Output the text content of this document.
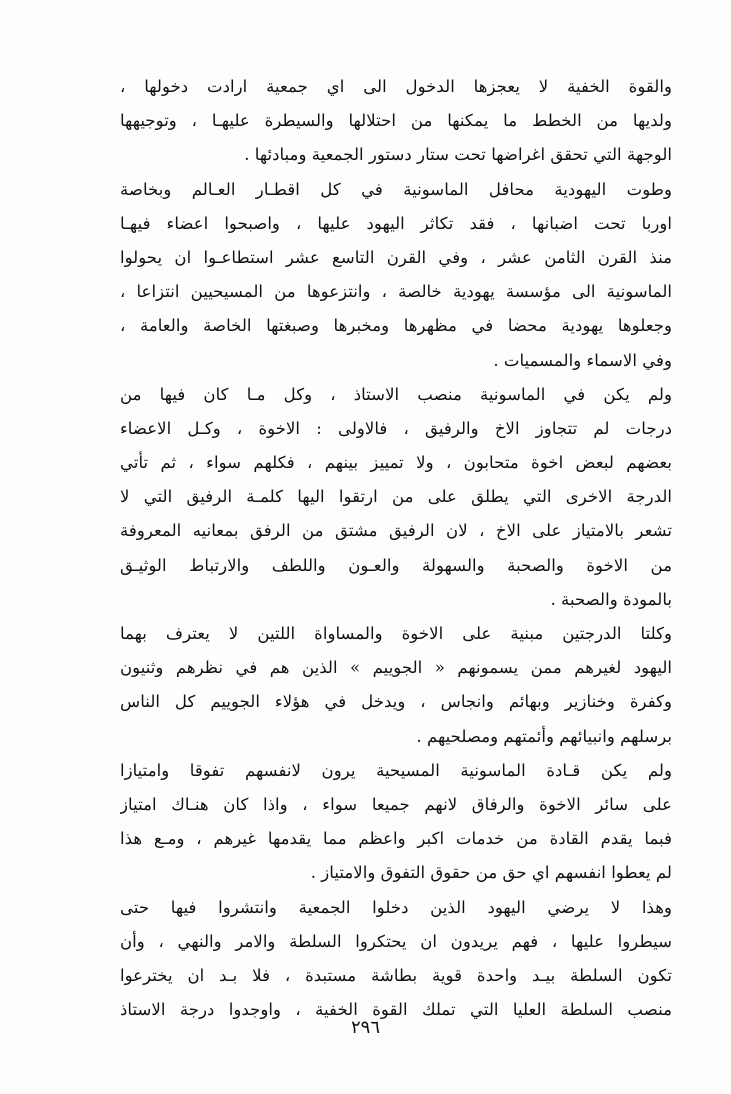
والقوة الخفية لا يعجزها الدخول الى اي جمعية ارادت دخولها ،
ولديها من الخطط ما يمكنها من احتلالها والسيطرة عليهـا ، وتوجيهها
الوجهة التي تحقق اغراضها تحت ستار دستور الجمعية ومبادئها .
وطوت اليهودية محافل الماسونية في كل اقطـار العـالم وبخاصة
اوربا تحت اضبانها ، فقد تكاثر اليهود عليها ، واصبحوا اعضاء فيهـا
منذ القرن الثامن عشر ، وفي القرن التاسع عشر استطاعـوا ان يحولوا
الماسونية الى مؤسسة يهودية خالصة ، وانتزعوها من المسيحيين انتزاعا ،
وجعلوها يهودية محضا في مظهرها ومخبرها وصبغتها الخاصة والعامة ،
وفي الاسماء والمسميات .
ولم يكن في الماسونية منصب الاستاذ ، وكل مـا كان فيها من
درجات لم تتجاوز الاخ والرفيق ، فالاولى : الاخوة ، وكـل الاعضاء
بعضهم لبعض اخوة متحابون ، ولا تمييز بينهم ، فكلهم سواء ، ثم تأتي
الدرجة الاخرى التي يطلق على من ارتقوا اليها كلمـة الرفيق التي لا
تشعر بالامتياز على الاخ ، لان الرفيق مشتق من الرفق بمعانيه المعروفة
من الاخوة والصحبة والسهولة والعـون واللطف والارتباط الوثيـق
بالمودة والصحبة .
وكلتا الدرجتين مبنية على الاخوة والمساواة اللتين لا يعترف بهما
اليهود لغيرهم ممن يسمونهم « الجوييم » الذين هم في نظرهم وثنيون
وكفرة وخنازير وبهائم وانجاس ، ويدخل في هؤلاء الجوييم كل الناس
برسلهم وانبيائهم وأئمتهم ومصلحيهم .
ولم يكن قـادة الماسونية المسيحية يرون لانفسهم تفوقا وامتيازا
على سائر الاخوة والرفاق لانهم جميعا سواء ، واذا كان هنـاك امتياز
فبما يقدم القادة من خدمات اكبر واعظم مما يقدمها غيرهم ، ومـع هذا
لم يعطوا انفسهم اي حق من حقوق التفوق والامتياز .
وهذا لا يرضي اليهود الذين دخلوا الجمعية وانتشروا فيها حتى
سيطروا عليها ، فهم يريدون ان يحتكروا السلطة والامر والنهي ، وأن
تكون السلطة بيـد واحدة قوية بطاشة مستبدة ، فلا بـد ان يخترعوا
منصب السلطة العليا التي تملك القوة الخفية ، واوجدوا درجة الاستاذ
٢٩٦
